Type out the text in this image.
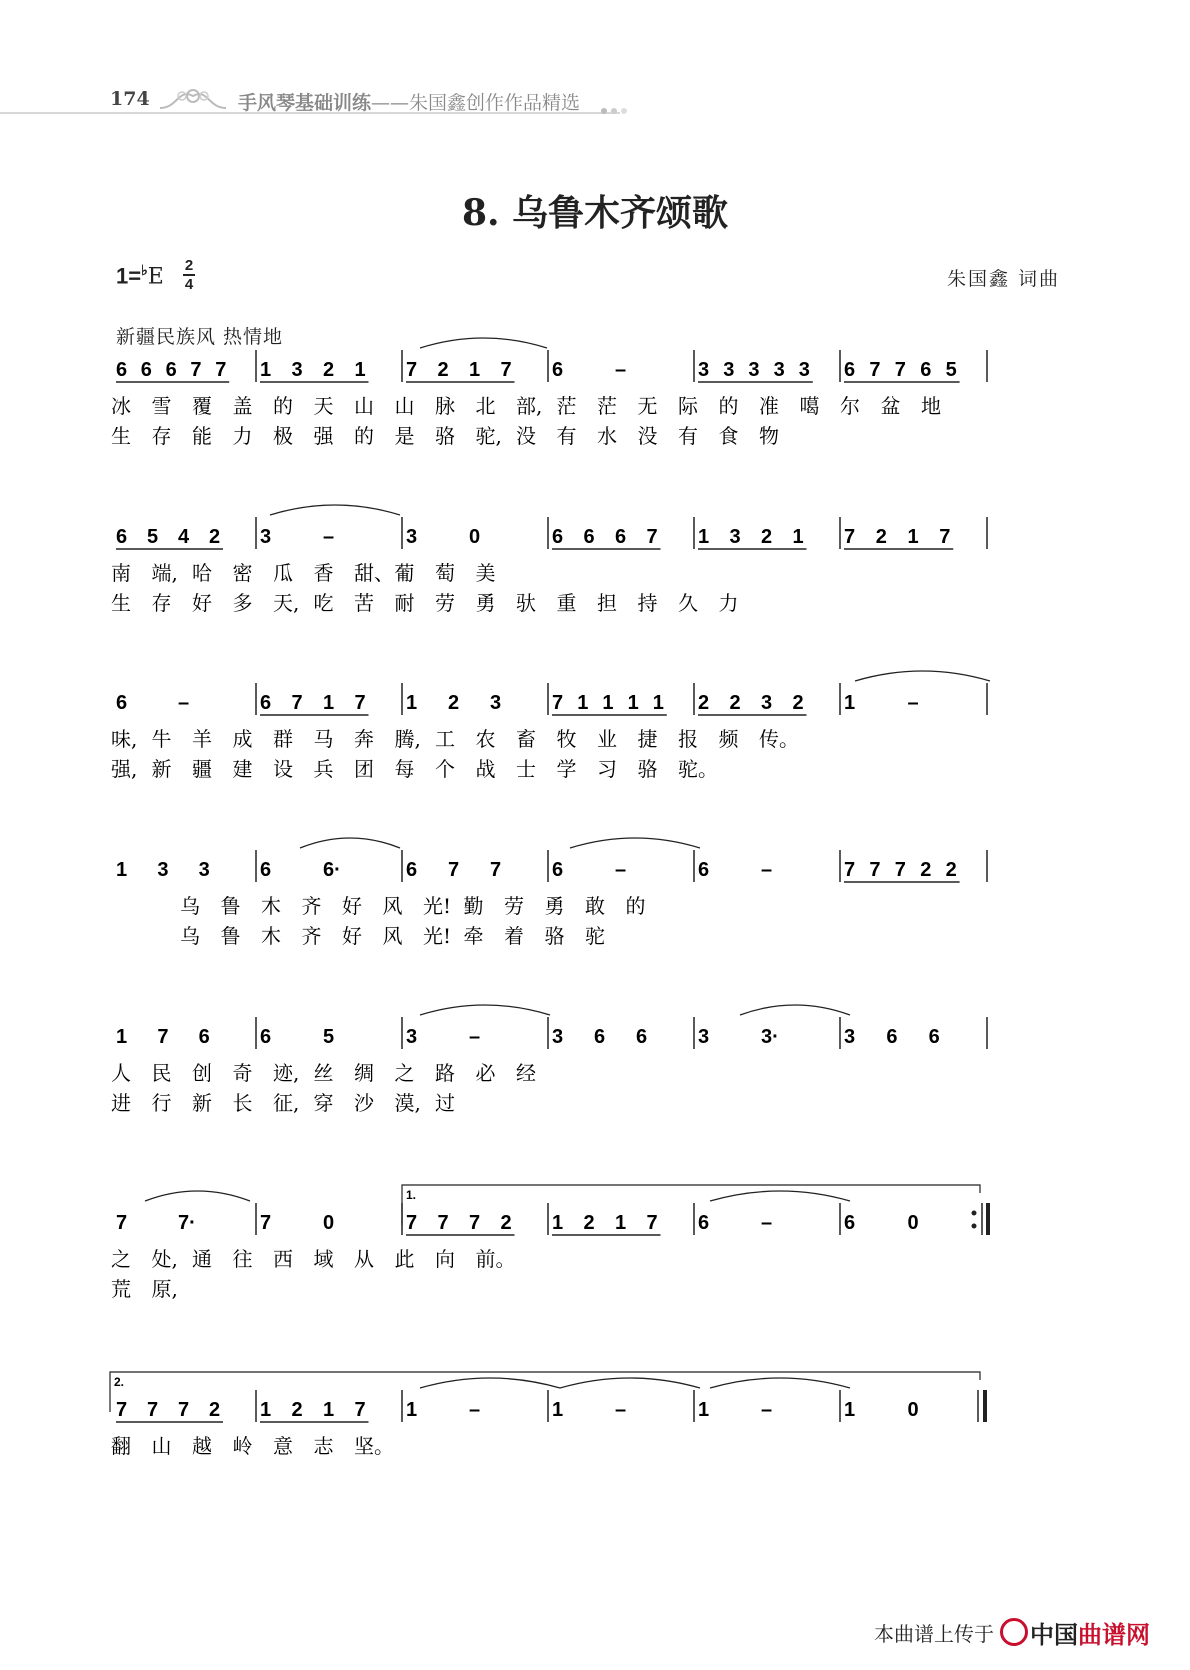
174	手风琴基础训练——朱国鑫创作作品精选
8. 乌鲁木齐颂歌
1=♭E 2
4	朱国鑫 词曲
新疆民族风 热情地
6 6 6 7 7 1 3 2 1 7 2 1 7 6	–	3 3 3 3 3 6 7 7 6 5
冰 雪 覆 盖 的 天 山 山 脉 北 部, 茫 茫 无 际 的 准 噶 尔 盆 地
生 存 能 力 极 强 的 是 骆 驼, 没 有 水 没 有 食 物
6 5 4 2 3	–	3	0	6 6 6 7 1 3 2 1 7 2 1 7
南 端, 哈 密 瓜 香 甜、 葡 萄 美
生 存 好 多 天, 吃 苦 耐 劳 勇 驮 重 担 持 久 力
6	–	6 7 1 7 1 2 3	7 1 1 1 1 2 2 3 2 1	–
味, 牛 羊 成 群 马 奔 腾, 工 农 畜 牧 业 捷 报 频 传。
强, 新 疆 建 设 兵 团 每 个 战 士 学 习 骆 驼。
1 3 3	6	6·	6 7 7	6	–	6	–	7 7 7 2 2
乌 鲁 木 齐 好 风 光! 勤 劳 勇 敢 的
乌 鲁 木 齐 好 风 光! 牵 着 骆 驼
1 7 6	6	5	3	–	3 6 6	3	3·	3 6 6
人 民 创 奇 迹, 丝 绸 之 路 必 经
进 行 新 长 征, 穿 沙 漠, 过
7	7·	7	0	7 7 7 2 1 2 1 7 6	–	6	0
之 处, 通 往 西 域 从 此 向 前。
荒 原,
1.
7 7 7 2 1 2 1 7 1	–	1	–	1	–	1	0
翻 山 越 岭 意 志 坚。
2.
本曲谱上传于	中国曲谱网
